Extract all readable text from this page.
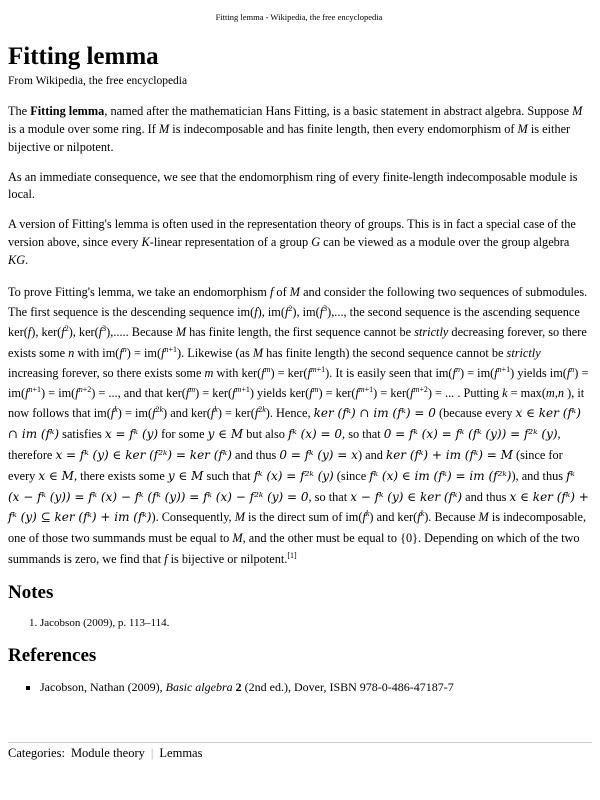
Fitting lemma - Wikipedia, the free encyclopedia
Fitting lemma
From Wikipedia, the free encyclopedia

The Fitting lemma, named after the mathematician Hans Fitting, is a basic statement in abstract algebra. Suppose M is a module over some ring. If M is indecomposable and has finite length, then every endomorphism of M is either bijective or nilpotent.

As an immediate consequence, we see that the endomorphism ring of every finite-length indecomposable module is local.

A version of Fitting's lemma is often used in the representation theory of groups. This is in fact a special case of the version above, since every K-linear representation of a group G can be viewed as a module over the group algebra KG.

To prove Fitting's lemma, we take an endomorphism f of M and consider the following two sequences of submodules. The first sequence is the descending sequence im(f), $im(f^2)$, $im(f^3)$,..., the second sequence is the ascending sequence ker(f), $ker(f^2)$, $ker(f^3)$,..... Because M has finite length, the first sequence cannot be strictly decreasing forever, so there exists some n with $im(f^n) = im(f^{n+1})$. Likewise (as M has finite length) the second sequence cannot be strictly increasing forever, so there exists some m with $ker(f^m) = ker(f^{m+1})$. It is easily seen that $im(f^n) = im(f^{n+1})$ yields $im(f^n) = im(f^{n+1}) = im(f^{n+2})$ = ..., and that $ker(f^m) = ker(f^{m+1})$ yields $ker(f^m) = ker(f^{m+1}) = ker(f^{m+2})$ = ... . Putting k = max(m,n ), it now follows that $im(f^k) = im(f^{2k})$ and $ker(f^k) = ker(f^{2k})$. Hence, ker (fᵏ) ∩ im (fᵏ) = 0 (because every x ∈ ker (fᵏ) ∩ im (fᵏ) satisfies x = fᵏ (y) for some y ∈ M but also fᵏ (x) = 0, so that 0 = fᵏ (x) = fᵏ (fᵏ (y)) = f²ᵏ (y), therefore x = fᵏ (y) ∈ ker (f²ᵏ) = ker (fᵏ) and thus 0 = fᵏ (y) = x) and ker (fᵏ) + im (fᵏ) = M (since for every x ∈ M, there exists some y ∈ M such that fᵏ (x) = f²ᵏ (y) (since fᵏ (x) ∈ im (fᵏ) = im (f²ᵏ)), and thus fᵏ (x − fᵏ (y)) = fᵏ (x) − fᵏ (fᵏ (y)) = fᵏ (x) − f²ᵏ (y) = 0, so that x − fᵏ (y) ∈ ker (fᵏ) and thus x ∈ ker (fᵏ) + fᵏ (y) ⊆ ker (fᵏ) + im (fᵏ)). Consequently, M is the direct sum of $im(f^k)$ and $ker(f^k)$. Because M is indecomposable, one of those two summands must be equal to M, and the other must be equal to {0}. Depending on which of the two summands is zero, we find that f is bijective or nilpotent.[1]

Notes
1. Jacobson (2009), p. 113–114.
References
▪ Jacobson, Nathan (2009), Basic algebra 2 (2nd ed.), Dover, ISBN 978-0-486-47187-7
Categories: Module theory | Lemmas
